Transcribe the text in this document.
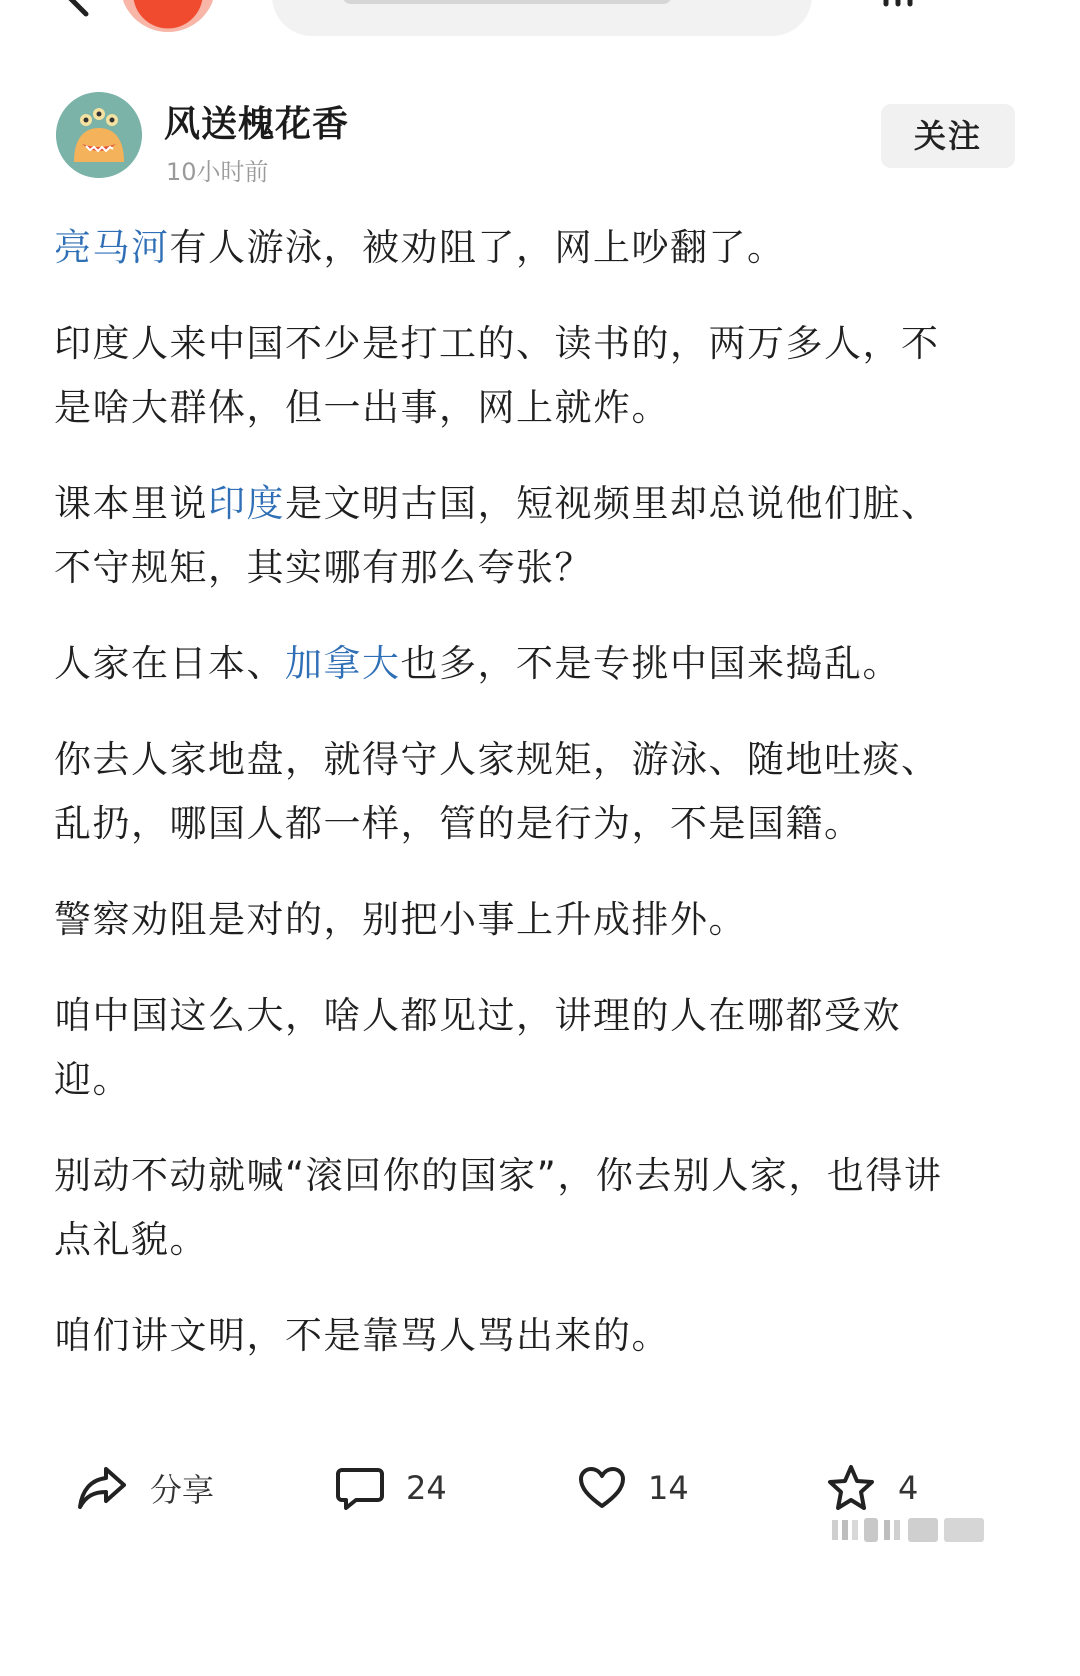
风送槐花香
10小时前
关注

亮马河有人游泳，被劝阻了，网上吵翻了。

印度人来中国不少是打工的、读书的，两万多人，不是啥大群体，但一出事，网上就炸。

课本里说印度是文明古国，短视频里却总说他们脏、不守规矩，其实哪有那么夸张？

人家在日本、加拿大也多，不是专挑中国来捣乱。

你去人家地盘，就得守人家规矩，游泳、随地吐痰、乱扔，哪国人都一样，管的是行为，不是国籍。

警察劝阻是对的，别把小事上升成排外。

咱中国这么大，啥人都见过，讲理的人在哪都受欢迎。

别动不动就喊“滚回你的国家”，你去别人家，也得讲点礼貌。

咱们讲文明，不是靠骂人骂出来的。

分享	24	14	4
